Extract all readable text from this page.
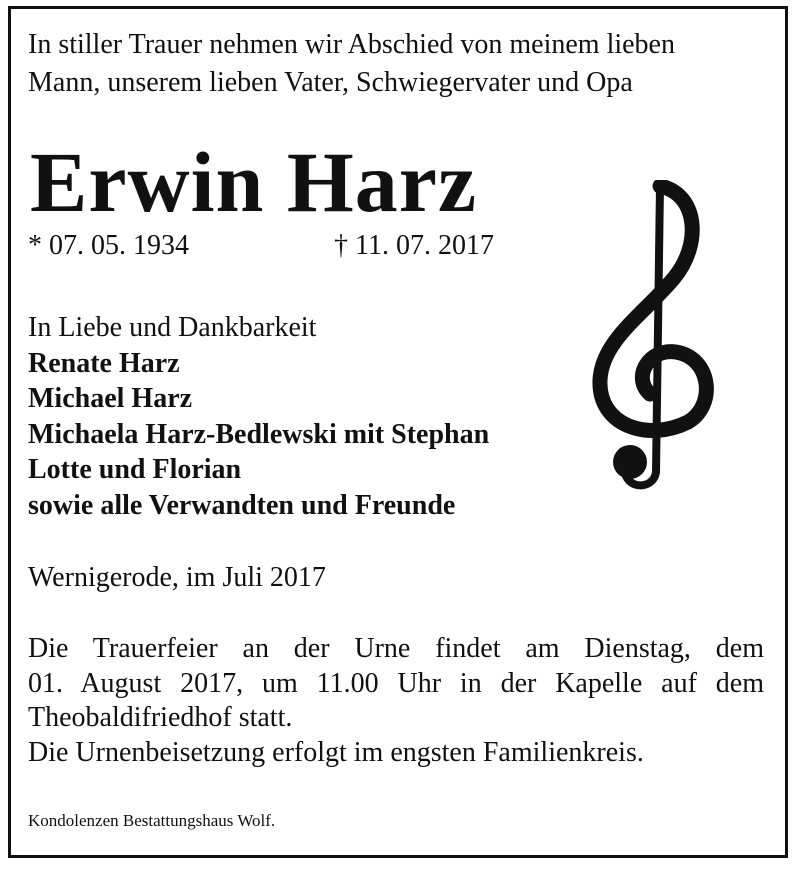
In stiller Trauer nehmen wir Abschied von meinem lieben
Mann, unserem lieben Vater, Schwiegervater und Opa
Erwin Harz
* 07. 05. 1934	† 11. 07. 2017
In Liebe und Dankbarkeit
Renate Harz
Michael Harz
Michaela Harz-Bedlewski mit Stephan
Lotte und Florian
sowie alle Verwandten und Freunde
Wernigerode, im Juli 2017
Die Trauerfeier an der Urne findet am Dienstag, dem
01. August 2017, um 11.00 Uhr in der Kapelle auf dem
Theobaldifriedhof statt.
Die Urnenbeisetzung erfolgt im engsten Familienkreis.
Kondolenzen Bestattungshaus Wolf.
